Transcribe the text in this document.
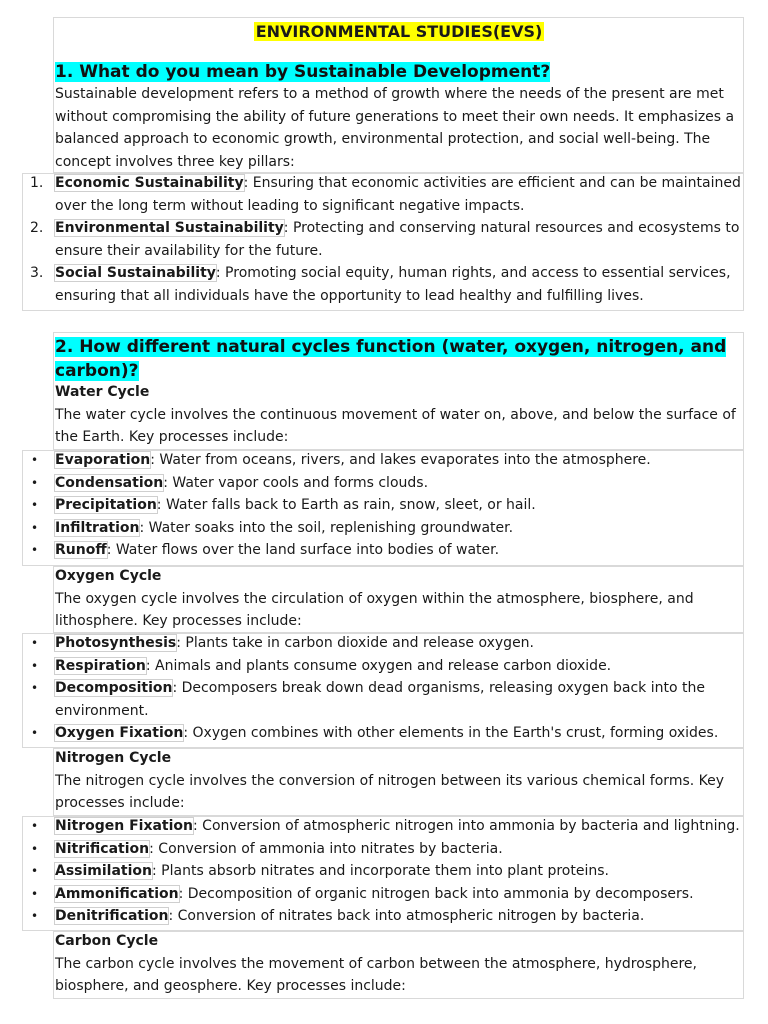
ENVIRONMENTAL STUDIES(EVS)
1. What do you mean by Sustainable Development?

Sustainable development refers to a method of growth where the needs of the present are met without compromising the ability of future generations to meet their own needs. It emphasizes a balanced approach to economic growth, environmental protection, and social well-being. The concept involves three key pillars:

1. Economic Sustainability: Ensuring that economic activities are efficient and can be maintained over the long term without leading to significant negative impacts.
2. Environmental Sustainability: Protecting and conserving natural resources and ecosystems to ensure their availability for the future.
3. Social Sustainability: Promoting social equity, human rights, and access to essential services, ensuring that all individuals have the opportunity to lead healthy and fulfilling lives.
2. How different natural cycles function (water, oxygen, nitrogen, and carbon)?
Water Cycle

The water cycle involves the continuous movement of water on, above, and below the surface of the Earth. Key processes include:

•	Evaporation: Water from oceans, rivers, and lakes evaporates into the atmosphere.
•	Condensation: Water vapor cools and forms clouds.
•	Precipitation: Water falls back to Earth as rain, snow, sleet, or hail.
•	Infiltration: Water soaks into the soil, replenishing groundwater.
•	Runoff: Water flows over the land surface into bodies of water.
Oxygen Cycle

The oxygen cycle involves the circulation of oxygen within the atmosphere, biosphere, and lithosphere. Key processes include:

•	Photosynthesis: Plants take in carbon dioxide and release oxygen.
•	Respiration: Animals and plants consume oxygen and release carbon dioxide.
•	Decomposition: Decomposers break down dead organisms, releasing oxygen back into the environment.
•	Oxygen Fixation: Oxygen combines with other elements in the Earth's crust, forming oxides.
Nitrogen Cycle

The nitrogen cycle involves the conversion of nitrogen between its various chemical forms. Key processes include:

•	Nitrogen Fixation: Conversion of atmospheric nitrogen into ammonia by bacteria and lightning.
•	Nitrification: Conversion of ammonia into nitrates by bacteria.
•	Assimilation: Plants absorb nitrates and incorporate them into plant proteins.
•	Ammonification: Decomposition of organic nitrogen back into ammonia by decomposers.
•	Denitrification: Conversion of nitrates back into atmospheric nitrogen by bacteria.
Carbon Cycle

The carbon cycle involves the movement of carbon between the atmosphere, hydrosphere, biosphere, and geosphere. Key processes include:
